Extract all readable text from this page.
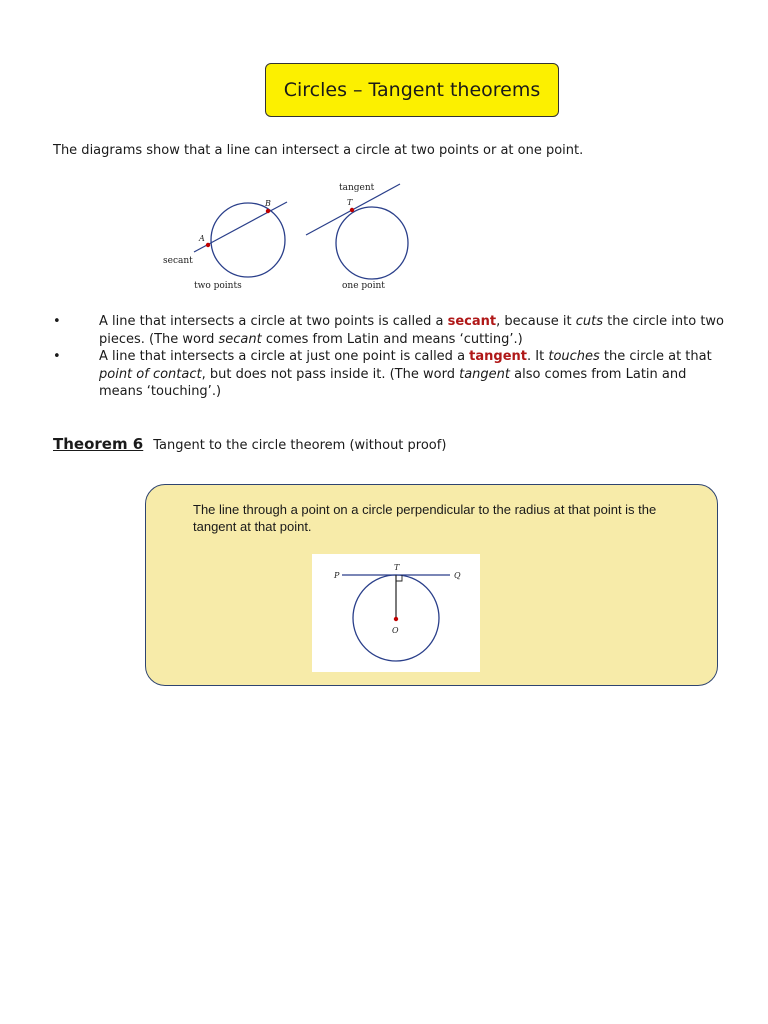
Circles – Tangent theorems
The diagrams show that a line can intersect a circle at two points or at one point.
B
A
secant
two points
T
tangent
one point

•	A line that intersects a circle at two points is called a secant, because it cuts the circle into two pieces. (The word secant comes from Latin and means ‘cutting’.)

•	A line that intersects a circle at just one point is called a tangent. It touches the circle at that point of contact, but does not pass inside it. (The word tangent also comes from Latin and means ‘touching’.)

Theorem 6 Tangent to the circle theorem (without proof)
The line through a point on a circle perpendicular to the radius at that point is the tangent at that point.
P
T
Q
O
